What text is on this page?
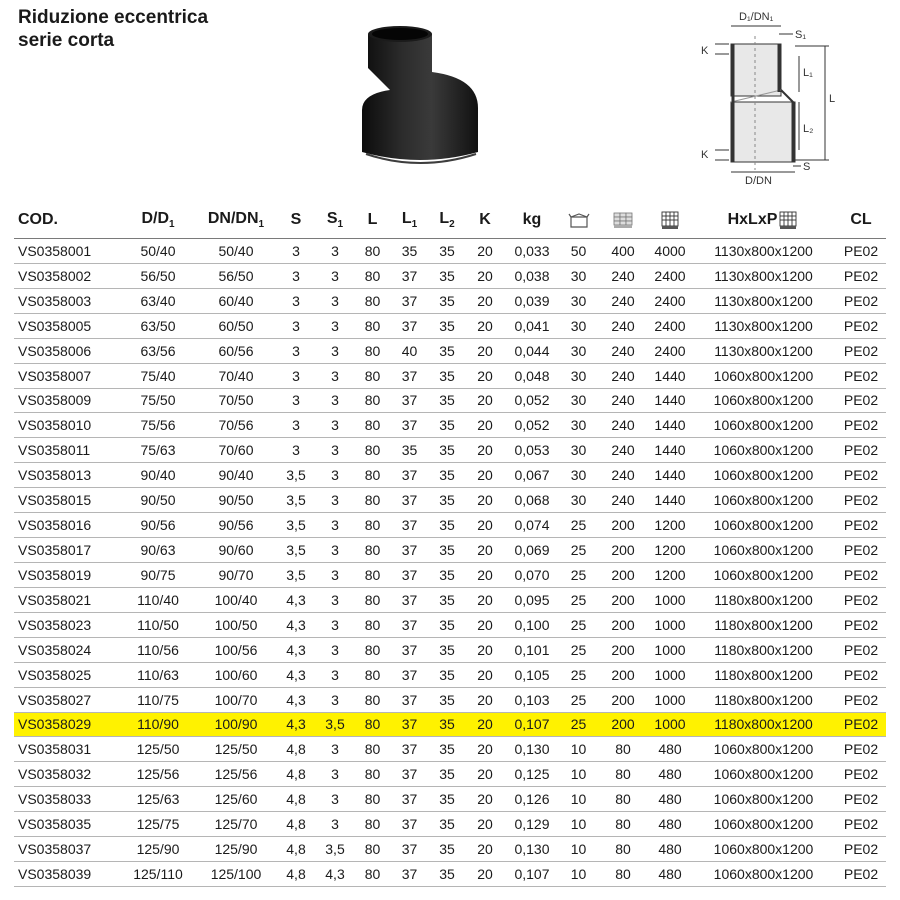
Riduzione eccentrica
serie corta
D₁/DN₁
S₁
K
L₁
L
L₂
K
S
D/DN
COD.	$D/D_1$	$DN/DN_1$	S	$S_1$	L	$L_1$	$L_2$	K	kg				HxLxP	CL
VS0358001	50/40	50/40	3	3	80	35	35	20	0,033	50	400	4000	1130x800x1200	PE02
VS0358002	56/50	56/50	3	3	80	37	35	20	0,038	30	240	2400	1130x800x1200	PE02
VS0358003	63/40	60/40	3	3	80	37	35	20	0,039	30	240	2400	1130x800x1200	PE02
VS0358005	63/50	60/50	3	3	80	37	35	20	0,041	30	240	2400	1130x800x1200	PE02
VS0358006	63/56	60/56	3	3	80	40	35	20	0,044	30	240	2400	1130x800x1200	PE02
VS0358007	75/40	70/40	3	3	80	37	35	20	0,048	30	240	1440	1060x800x1200	PE02
VS0358009	75/50	70/50	3	3	80	37	35	20	0,052	30	240	1440	1060x800x1200	PE02
VS0358010	75/56	70/56	3	3	80	37	35	20	0,052	30	240	1440	1060x800x1200	PE02
VS0358011	75/63	70/60	3	3	80	35	35	20	0,053	30	240	1440	1060x800x1200	PE02
VS0358013	90/40	90/40	3,5	3	80	37	35	20	0,067	30	240	1440	1060x800x1200	PE02
VS0358015	90/50	90/50	3,5	3	80	37	35	20	0,068	30	240	1440	1060x800x1200	PE02
VS0358016	90/56	90/56	3,5	3	80	37	35	20	0,074	25	200	1200	1060x800x1200	PE02
VS0358017	90/63	90/60	3,5	3	80	37	35	20	0,069	25	200	1200	1060x800x1200	PE02
VS0358019	90/75	90/70	3,5	3	80	37	35	20	0,070	25	200	1200	1060x800x1200	PE02
VS0358021	110/40	100/40	4,3	3	80	37	35	20	0,095	25	200	1000	1180x800x1200	PE02
VS0358023	110/50	100/50	4,3	3	80	37	35	20	0,100	25	200	1000	1180x800x1200	PE02
VS0358024	110/56	100/56	4,3	3	80	37	35	20	0,101	25	200	1000	1180x800x1200	PE02
VS0358025	110/63	100/60	4,3	3	80	37	35	20	0,105	25	200	1000	1180x800x1200	PE02
VS0358027	110/75	100/70	4,3	3	80	37	35	20	0,103	25	200	1000	1180x800x1200	PE02
VS0358029	110/90	100/90	4,3	3,5	80	37	35	20	0,107	25	200	1000	1180x800x1200	PE02
VS0358031	125/50	125/50	4,8	3	80	37	35	20	0,130	10	80	480	1060x800x1200	PE02
VS0358032	125/56	125/56	4,8	3	80	37	35	20	0,125	10	80	480	1060x800x1200	PE02
VS0358033	125/63	125/60	4,8	3	80	37	35	20	0,126	10	80	480	1060x800x1200	PE02
VS0358035	125/75	125/70	4,8	3	80	37	35	20	0,129	10	80	480	1060x800x1200	PE02
VS0358037	125/90	125/90	4,8	3,5	80	37	35	20	0,130	10	80	480	1060x800x1200	PE02
VS0358039	125/110	125/100	4,8	4,3	80	37	35	20	0,107	10	80	480	1060x800x1200	PE02
